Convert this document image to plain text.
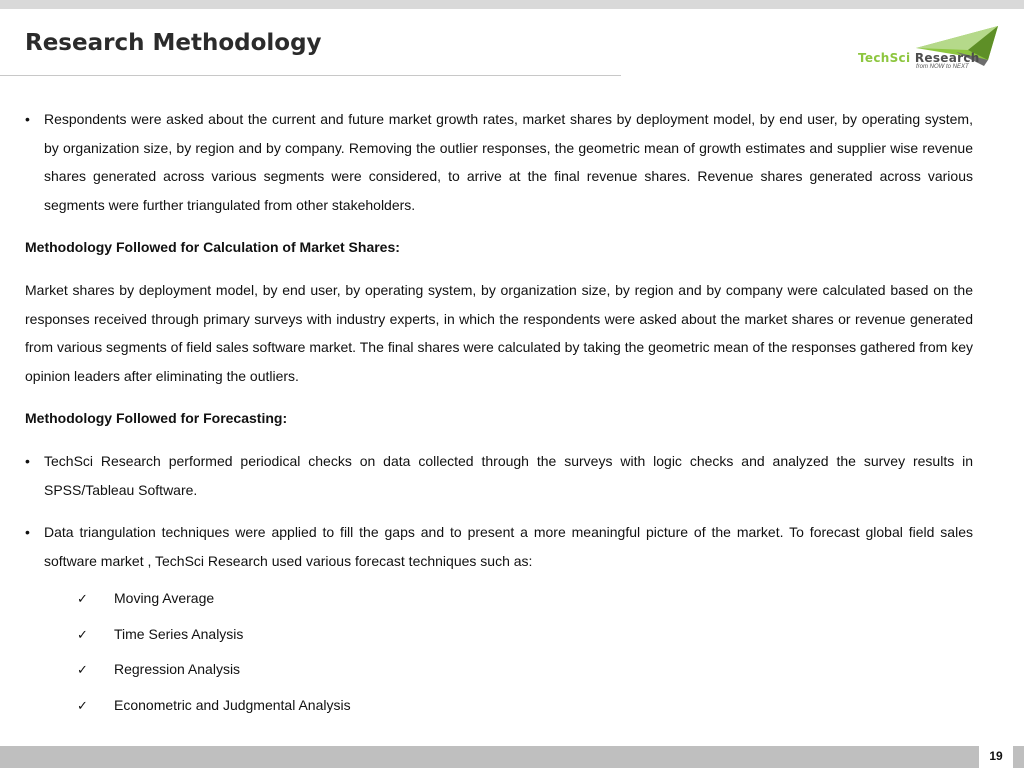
Research Methodology
TechSci Research
from NOW to NEXT
• Respondents were asked about the current and future market growth rates, market shares by deployment model, by end user, by operating system, by organization size, by region and by company. Removing the outlier responses, the geometric mean of growth estimates and supplier wise revenue shares generated across various segments were considered, to arrive at the final revenue shares. Revenue shares generated across various segments were further triangulated from other stakeholders.
Methodology Followed for Calculation of Market Shares:
Market shares by deployment model, by end user, by operating system, by organization size, by region and by company were calculated based on the responses received through primary surveys with industry experts, in which the respondents were asked about the market shares or revenue generated from various segments of field sales software market. The final shares were calculated by taking the geometric mean of the responses gathered from key opinion leaders after eliminating the outliers.
Methodology Followed for Forecasting:
• TechSci Research performed periodical checks on data collected through the surveys with logic checks and analyzed the survey results in SPSS/Tableau Software.
• Data triangulation techniques were applied to fill the gaps and to present a more meaningful picture of the market. To forecast global field sales software market , TechSci Research used various forecast techniques such as:
✓ Moving Average
✓ Time Series Analysis
✓ Regression Analysis
✓ Econometric and Judgmental Analysis
19
